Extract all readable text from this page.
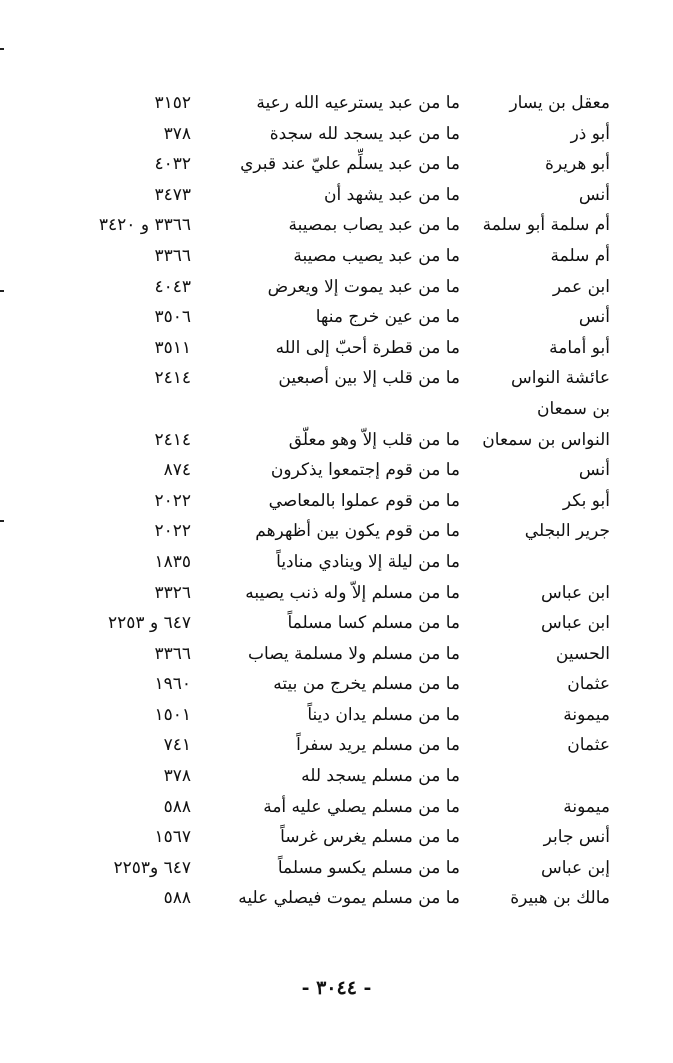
معقل بن يسار
ما من عبد يسترعيه الله رعية
٣١٥٢
أبو ذر
ما من عبد يسجد لله سجدة
٣٧٨
أبو هريرة
ما من عبد يسلِّم عليّ عند قبري
٤٠٣٢
أنس
ما من عبد يشهد أن
٣٤٧٣
أم سلمة أبو سلمة
ما من عبد يصاب بمصيبة
٣٣٦٦ و ٣٤٢٠
أم سلمة
ما من عبد يصيب مصيبة
٣٣٦٦
ابن عمر
ما من عبد يموت إلا ويعرض
٤٠٤٣
أنس
ما من عين خرج منها
٣٥٠٦
أبو أمامة
ما من قطرة أحبّ إلى الله
٣٥١١
عائشة النواس
ما من قلب إلا بين أصبعين
٢٤١٤
بن سمعان
النواس بن سمعان
ما من قلب إلاّ وهو معلّق
٢٤١٤
أنس
ما من قوم إجتمعوا يذكرون
٨٧٤
أبو بكر
ما من قوم عملوا بالمعاصي
٢٠٢٢
جرير البجلي
ما من قوم يكون بين أظهرهم
٢٠٢٢
ما من ليلة إلا وينادي منادياً
١٨٣٥
ابن عباس
ما من مسلم إلاّ وله ذنب يصيبه
٣٣٢٦
ابن عباس
ما من مسلم كسا مسلماً
٦٤٧ و ٢٢٥٣
الحسين
ما من مسلم ولا مسلمة يصاب
٣٣٦٦
عثمان
ما من مسلم يخرج من بيته
١٩٦٠
ميمونة
ما من مسلم يدان ديناً
١٥٠١
عثمان
ما من مسلم يريد سفراً
٧٤١
ما من مسلم يسجد لله
٣٧٨
ميمونة
ما من مسلم يصلي عليه أمة
٥٨٨
أنس جابر
ما من مسلم يغرس غرساً
١٥٦٧
إبن عباس
ما من مسلم يكسو مسلماً
٦٤٧ و٢٢٥٣
مالك بن هبيرة
ما من مسلم يموت فيصلي عليه
٥٨٨
- ٣٠٤٤ -
